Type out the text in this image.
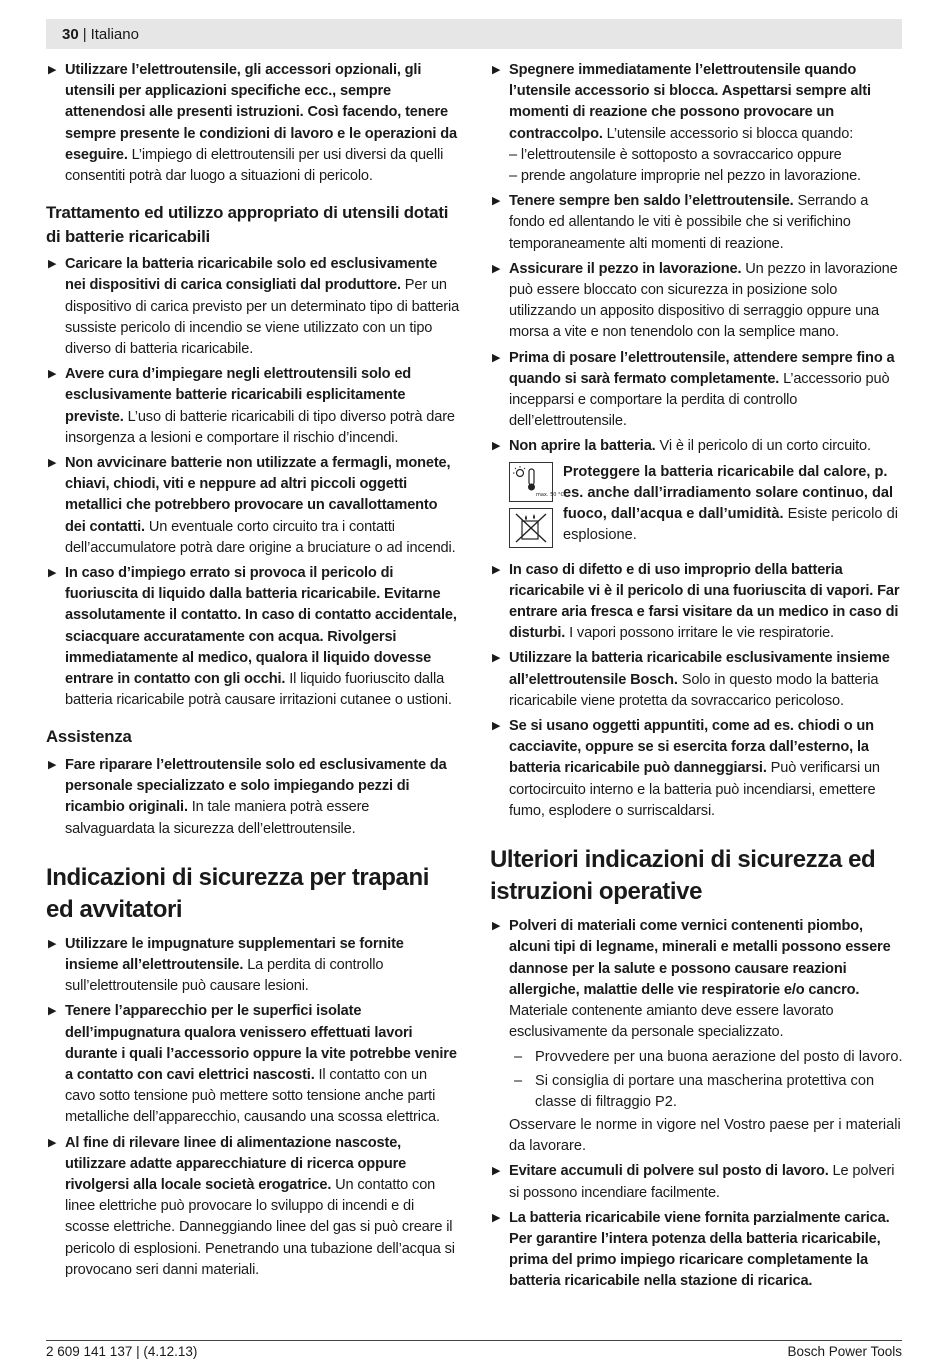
30 | Italiano
▶ Utilizzare l’elettroutensile, gli accessori opzionali, gli utensili per applicazioni specifiche ecc., sempre attenendosi alle presenti istruzioni. Così facendo, tenere sempre presente le condizioni di lavoro e le operazioni da eseguire. L’impiego di elettroutensili per usi diversi da quelli consentiti potrà dar luogo a situazioni di pericolo.
Trattamento ed utilizzo appropriato di utensili dotati di batterie ricaricabili
▶ Caricare la batteria ricaricabile solo ed esclusivamente nei dispositivi di carica consigliati dal produttore. Per un dispositivo di carica previsto per un determinato tipo di batteria sussiste pericolo di incendio se viene utilizzato con un tipo diverso di batteria ricaricabile.
▶ Avere cura d’impiegare negli elettroutensili solo ed esclusivamente batterie ricaricabili esplicitamente previste. L’uso di batterie ricaricabili di tipo diverso potrà dare insorgenza a lesioni e comportare il rischio d’incendi.
▶ Non avvicinare batterie non utilizzate a fermagli, monete, chiavi, chiodi, viti e neppure ad altri piccoli oggetti metallici che potrebbero provocare un cavallottamento dei contatti. Un eventuale corto circuito tra i contatti dell’accumulatore potrà dare origine a bruciature o ad incendi.
▶ In caso d’impiego errato si provoca il pericolo di fuoriuscita di liquido dalla batteria ricaricabile. Evitarne assolutamente il contatto. In caso di contatto accidentale, sciacquare accuratamente con acqua. Rivolgersi immediatamente al medico, qualora il liquido dovesse entrare in contatto con gli occhi. Il liquido fuoriuscito dalla batteria ricaricabile potrà causare irritazioni cutanee o ustioni.
Assistenza
▶ Fare riparare l’elettroutensile solo ed esclusivamente da personale specializzato e solo impiegando pezzi di ricambio originali. In tale maniera potrà essere salvaguardata la sicurezza dell’elettroutensile.
Indicazioni di sicurezza per trapani ed avvitatori
▶ Utilizzare le impugnature supplementari se fornite insieme all’elettroutensile. La perdita di controllo sull’elettroutensile può causare lesioni.
▶ Tenere l’apparecchio per le superfici isolate dell’impugnatura qualora venissero effettuati lavori durante i quali l’accessorio oppure la vite potrebbe venire a contatto con cavi elettrici nascosti. Il contatto con un cavo sotto tensione può mettere sotto tensione anche parti metalliche dell’apparecchio, causando una scossa elettrica.
▶ Al fine di rilevare linee di alimentazione nascoste, utilizzare adatte apparecchiature di ricerca oppure rivolgersi alla locale società erogatrice. Un contatto con linee elettriche può provocare lo sviluppo di incendi e di scosse elettriche. Danneggiando linee del gas si può creare il pericolo di esplosioni. Penetrando una tubazione dell’acqua si provocano seri danni materiali.
▶ Spegnere immediatamente l’elettroutensile quando l’utensile accessorio si blocca. Aspettarsi sempre alti momenti di reazione che possono provocare un contraccolpo. L’utensile accessorio si blocca quando:
– l’elettroutensile è sottoposto a sovraccarico oppure
– prende angolature improprie nel pezzo in lavorazione.
▶ Tenere sempre ben saldo l’elettroutensile. Serrando a fondo ed allentando le viti è possibile che si verifichino temporaneamente alti momenti di reazione.
▶ Assicurare il pezzo in lavorazione. Un pezzo in lavorazione può essere bloccato con sicurezza in posizione solo utilizzando un apposito dispositivo di serraggio oppure una morsa a vite e non tenendolo con la semplice mano.
▶ Prima di posare l’elettroutensile, attendere sempre fino a quando si sarà fermato completamente. L’accessorio può incepparsi e comportare la perdita di controllo dell’elettroutensile.
▶ Non aprire la batteria. Vi è il pericolo di un corto circuito.
max. 50 °C
Proteggere la batteria ricaricabile dal calore, p. es. anche dall’irradiamento solare continuo, dal fuoco, dall’acqua e dall’umidità. Esiste pericolo di esplosione.
▶ In caso di difetto e di uso improprio della batteria ricaricabile vi è il pericolo di una fuoriuscita di vapori. Far entrare aria fresca e farsi visitare da un medico in caso di disturbi. I vapori possono irritare le vie respiratorie.
▶ Utilizzare la batteria ricaricabile esclusivamente insieme all’elettroutensile Bosch. Solo in questo modo la batteria ricaricabile viene protetta da sovraccarico pericoloso.
▶ Se si usano oggetti appuntiti, come ad es. chiodi o un cacciavite, oppure se si esercita forza dall’esterno, la batteria ricaricabile può danneggiarsi. Può verificarsi un cortocircuito interno e la batteria può incendiarsi, emettere fumo, esplodere o surriscaldarsi.
Ulteriori indicazioni di sicurezza ed istruzioni operative
▶ Polveri di materiali come vernici contenenti piombo, alcuni tipi di legname, minerali e metalli possono essere dannose per la salute e possono causare reazioni allergiche, malattie delle vie respiratorie e/o cancro. Materiale contenente amianto deve essere lavorato esclusivamente da personale specializzato.
– Provvedere per una buona aerazione del posto di lavoro.
– Si consiglia di portare una mascherina protettiva con classe di filtraggio P2.
Osservare le norme in vigore nel Vostro paese per i materiali da lavorare.
▶ Evitare accumuli di polvere sul posto di lavoro. Le polveri si possono incendiare facilmente.
▶ La batteria ricaricabile viene fornita parzialmente carica. Per garantire l’intera potenza della batteria ricaricabile, prima del primo impiego ricaricare completamente la batteria ricaricabile nella stazione di ricarica.
2 609 141 137 | (4.12.13)	Bosch Power Tools
